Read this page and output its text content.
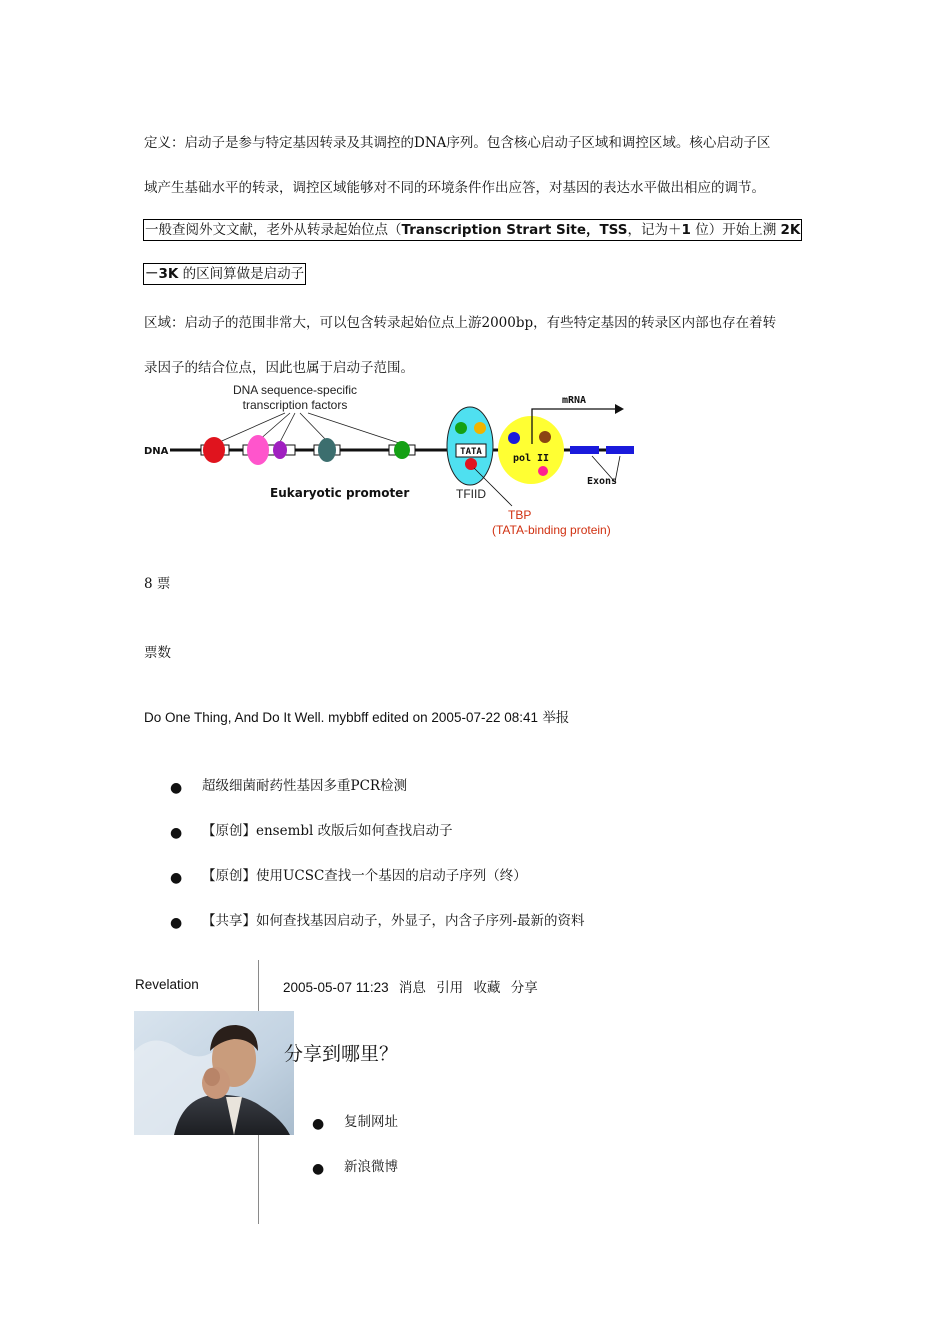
定义：启动子是参与特定基因转录及其调控的DNA序列。包含核心启动子区域和调控区域。核心启动子区
域产生基础水平的转录，调控区域能够对不同的环境条件作出应答，对基因的表达水平做出相应的调节。
一般查阅外文文献，老外从转录起始位点（Transcription Strart Site，TSS，记为＋1 位）开始上溯 2K
－3K 的区间算做是启动子
区域：启动子的范围非常大，可以包含转录起始位点上游2000bp，有些特定基因的转录区内部也存在着转
录因子的结合位点，因此也属于启动子范围。
DNA sequence-specific
transcription factors
DNA
Eukaryotic promoter
TATA
TFIID
TBP
(TATA-binding protein)
pol II
mRNA
Exons
8 票
票数
Do One Thing, And Do It Well. mybbff edited on 2005-07-22 08:41 举报
● 超级细菌耐药性基因多重PCR检测
● 【原创】ensembl 改版后如何查找启动子
● 【原创】使用UCSC查找一个基因的启动子序列（终）
● 【共享】如何查找基因启动子，外显子，内含子序列-最新的资料
Revelation	2005-05-07 11:23 消息 引用 收藏 分享
分享到哪里？
● 复制网址
● 新浪微博
